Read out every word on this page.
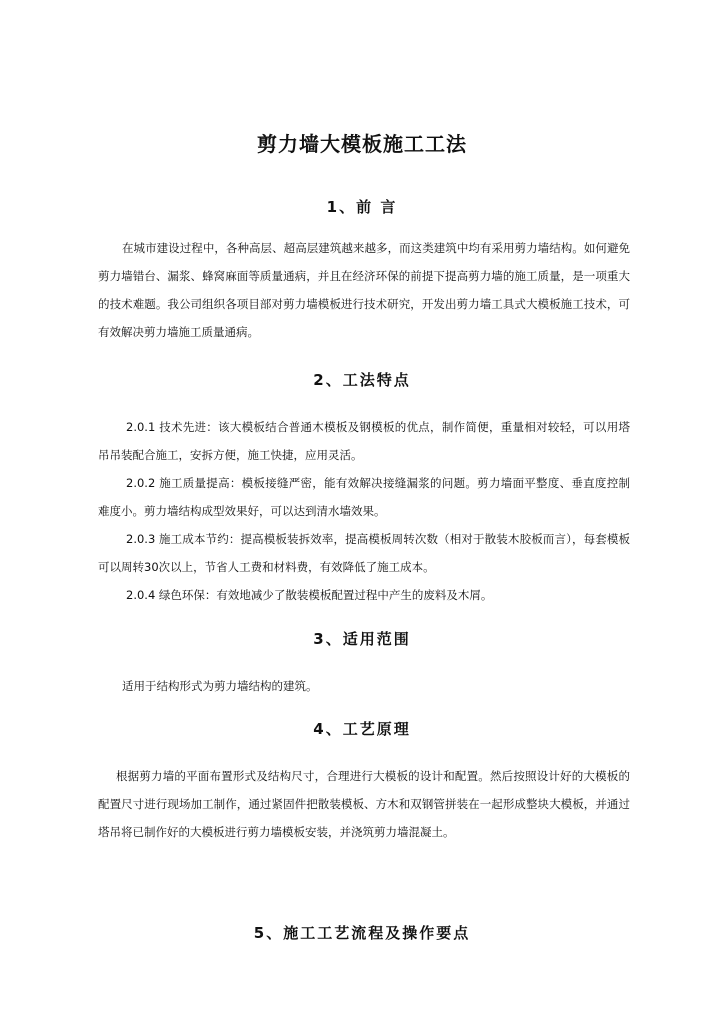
剪力墙大模板施工工法
1、前 言
在城市建设过程中，各种高层、超高层建筑越来越多，而这类建筑中均有采用剪力墙结构。如何避免剪力墙错台、漏浆、蜂窝麻面等质量通病，并且在经济环保的前提下提高剪力墙的施工质量，是一项重大的技术难题。我公司组织各项目部对剪力墙模板进行技术研究，开发出剪力墙工具式大模板施工技术，可有效解决剪力墙施工质量通病。
2、工法特点
2.0.1 技术先进：该大模板结合普通木模板及钢模板的优点，制作简便，重量相对较轻，可以用塔吊吊装配合施工，安拆方便，施工快捷，应用灵活。
2.0.2 施工质量提高：模板接缝严密，能有效解决接缝漏浆的问题。剪力墙面平整度、垂直度控制难度小。剪力墙结构成型效果好，可以达到清水墙效果。
2.0.3 施工成本节约：提高模板装拆效率，提高模板周转次数（相对于散装木胶板而言），每套模板可以周转30次以上，节省人工费和材料费，有效降低了施工成本。
2.0.4 绿色环保：有效地减少了散装模板配置过程中产生的废料及木屑。
3、适用范围
适用于结构形式为剪力墙结构的建筑。
4、工艺原理
根据剪力墙的平面布置形式及结构尺寸，合理进行大模板的设计和配置。然后按照设计好的大模板的配置尺寸进行现场加工制作，通过紧固件把散装模板、方木和双钢管拼装在一起形成整块大模板，并通过塔吊将已制作好的大模板进行剪力墙模板安装，并浇筑剪力墙混凝土。
5、施工工艺流程及操作要点
